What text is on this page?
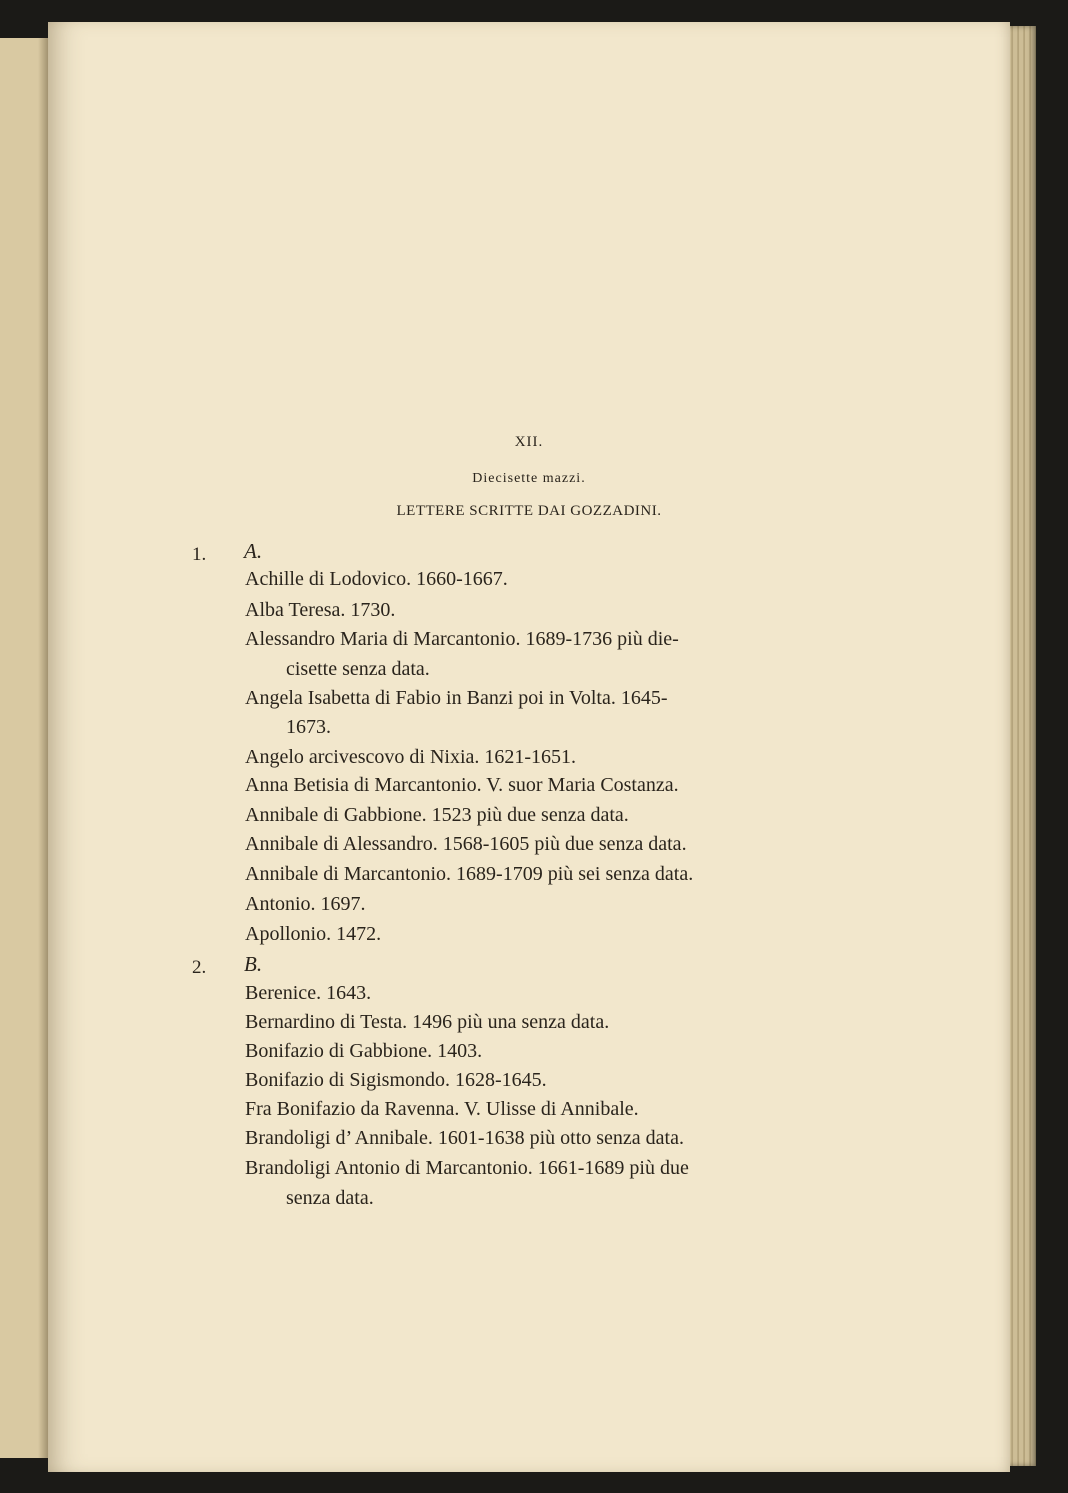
XII.
Diecisette mazzi.
LETTERE SCRITTE DAI GOZZADINI.
1. A.
Achille di Lodovico. 1660-1667.
Alba Teresa. 1730.
Alessandro Maria di Marcantonio. 1689-1736 più die-
cisette senza data.
Angela Isabetta di Fabio in Banzi poi in Volta. 1645-
1673.
Angelo arcivescovo di Nixia. 1621-1651.
Anna Betisia di Marcantonio. V. suor Maria Costanza.
Annibale di Gabbione. 1523 più due senza data.
Annibale di Alessandro. 1568-1605 più due senza data.
Annibale di Marcantonio. 1689-1709 più sei senza data.
Antonio. 1697.
Apollonio. 1472.
2. B.
Berenice. 1643.
Bernardino di Testa. 1496 più una senza data.
Bonifazio di Gabbione. 1403.
Bonifazio di Sigismondo. 1628-1645.
Fra Bonifazio da Ravenna. V. Ulisse di Annibale.
Brandoligi d’ Annibale. 1601-1638 più otto senza data.
Brandoligi Antonio di Marcantonio. 1661-1689 più due
senza data.
